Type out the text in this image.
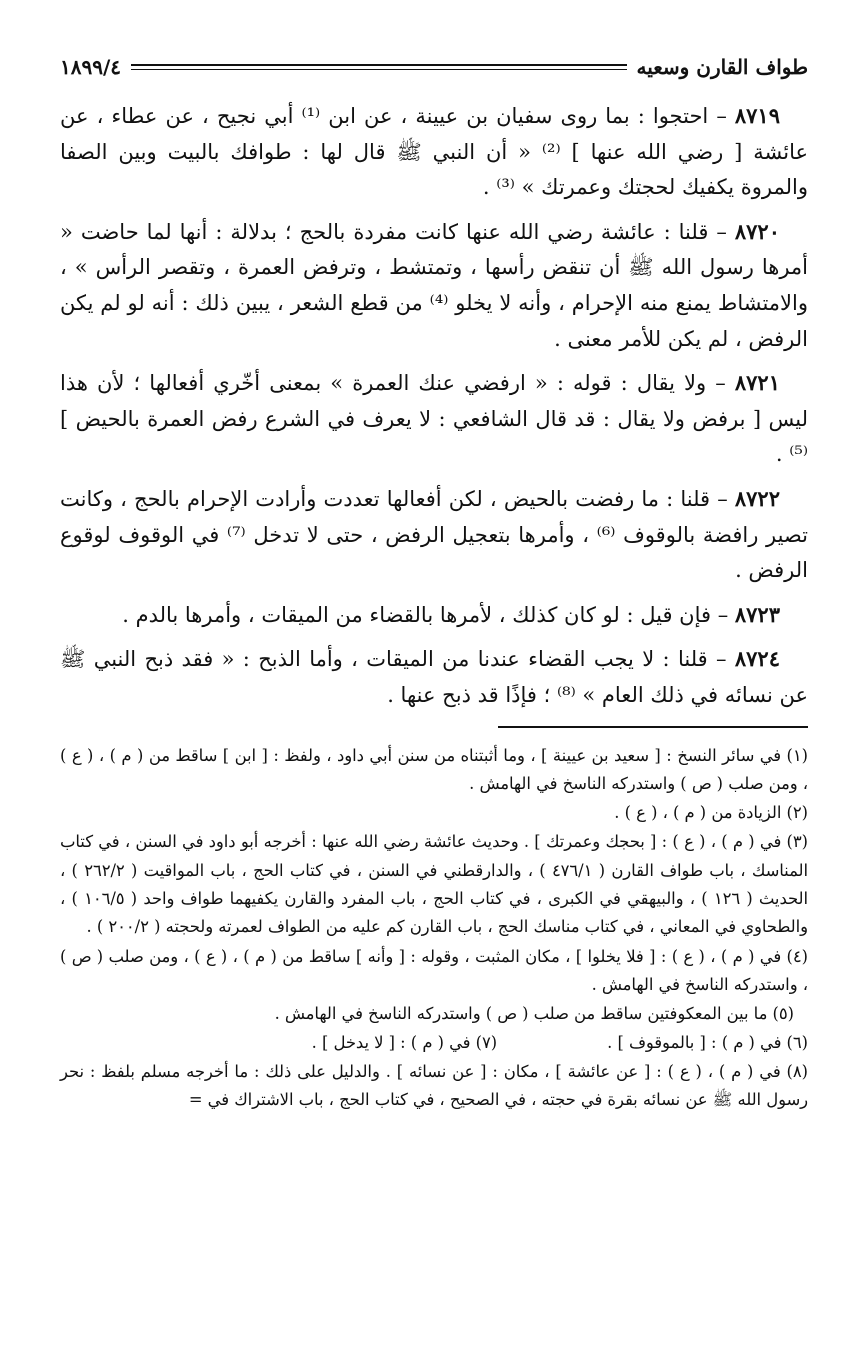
طواف القارن وسعيه
١٨٩٩/٤

٨٧١٩ – احتجوا : بما روى سفيان بن عيينة ، عن ابن ⁽¹⁾ أبي نجيح ، عن عطاء ، عن عائشة [ رضي الله عنها ] ⁽²⁾ « أن النبي ﷺ قال لها : طوافك بالبيت وبين الصفا والمروة يكفيك لحجتك وعمرتك » ⁽³⁾ .

٨٧٢٠ – قلنا : عائشة رضي الله عنها كانت مفردة بالحج ؛ بدلالة : أنها لما حاضت « أمرها رسول الله ﷺ أن تنقض رأسها ، وتمتشط ، وترفض العمرة ، وتقصر الرأس » ، والامتشاط يمنع منه الإحرام ، وأنه لا يخلو ⁽⁴⁾ من قطع الشعر ، يبين ذلك : أنه لو لم يكن الرفض ، لم يكن للأمر معنى .

٨٧٢١ – ولا يقال : قوله : « ارفضي عنك العمرة » بمعنى أخّري أفعالها ؛ لأن هذا ليس [ برفض ولا يقال : قد قال الشافعي : لا يعرف في الشرع رفض العمرة بالحيض ] ⁽⁵⁾ .

٨٧٢٢ – قلنا : ما رفضت بالحيض ، لكن أفعالها تعددت وأرادت الإحرام بالحج ، وكانت تصير رافضة بالوقوف ⁽⁶⁾ ، وأمرها بتعجيل الرفض ، حتى لا تدخل ⁽⁷⁾ في الوقوف لوقوع الرفض .

٨٧٢٣ – فإن قيل : لو كان كذلك ، لأمرها بالقضاء من الميقات ، وأمرها بالدم .

٨٧٢٤ – قلنا : لا يجب القضاء عندنا من الميقات ، وأما الذبح : « فقد ذبح النبي ﷺ عن نسائه في ذلك العام » ⁽⁸⁾ ؛ فإذًا قد ذبح عنها .

(١) في سائر النسخ : [ سعيد بن عيينة ] ، وما أثبتناه من سنن أبي داود ، ولفظ : [ ابن ] ساقط من ( م ) ، ( ع ) ، ومن صلب ( ص ) واستدركه الناسخ في الهامش .

(٢) الزيادة من ( م ) ، ( ع ) .

(٣) في ( م ) ، ( ع ) : [ بحجك وعمرتك ] . وحديث عائشة رضي الله عنها : أخرجه أبو داود في السنن ، في كتاب المناسك ، باب طواف القارن ( ٤٧٦/١ ) ، والدارقطني في السنن ، في كتاب الحج ، باب المواقيت ( ٢٦٢/٢ ) ، الحديث ( ١٢٦ ) ، والبيهقي في الكبرى ، في كتاب الحج ، باب المفرد والقارن يكفيهما طواف واحد ( ١٠٦/٥ ) ، والطحاوي في المعاني ، في كتاب مناسك الحج ، باب القارن كم عليه من الطواف لعمرته ولحجته ( ٢٠٠/٢ ) .

(٤) في ( م ) ، ( ع ) : [ فلا يخلوا ] ، مكان المثبت ، وقوله : [ وأنه ] ساقط من ( م ) ، ( ع ) ، ومن صلب ( ص ) ، واستدركه الناسخ في الهامش .

(٥) ما بين المعكوفتين ساقط من صلب ( ص ) واستدركه الناسخ في الهامش .

(٦) في ( م ) : [ بالموقوف ] .
(٧) في ( م ) : [ لا يدخل ] .

(٨) في ( م ) ، ( ع ) : [ عن عائشة ] ، مكان : [ عن نسائه ] . والدليل على ذلك : ما أخرجه مسلم بلفظ : نحر رسول الله ﷺ عن نسائه بقرة في حجته ، في الصحيح ، في كتاب الحج ، باب الاشتراك في =
